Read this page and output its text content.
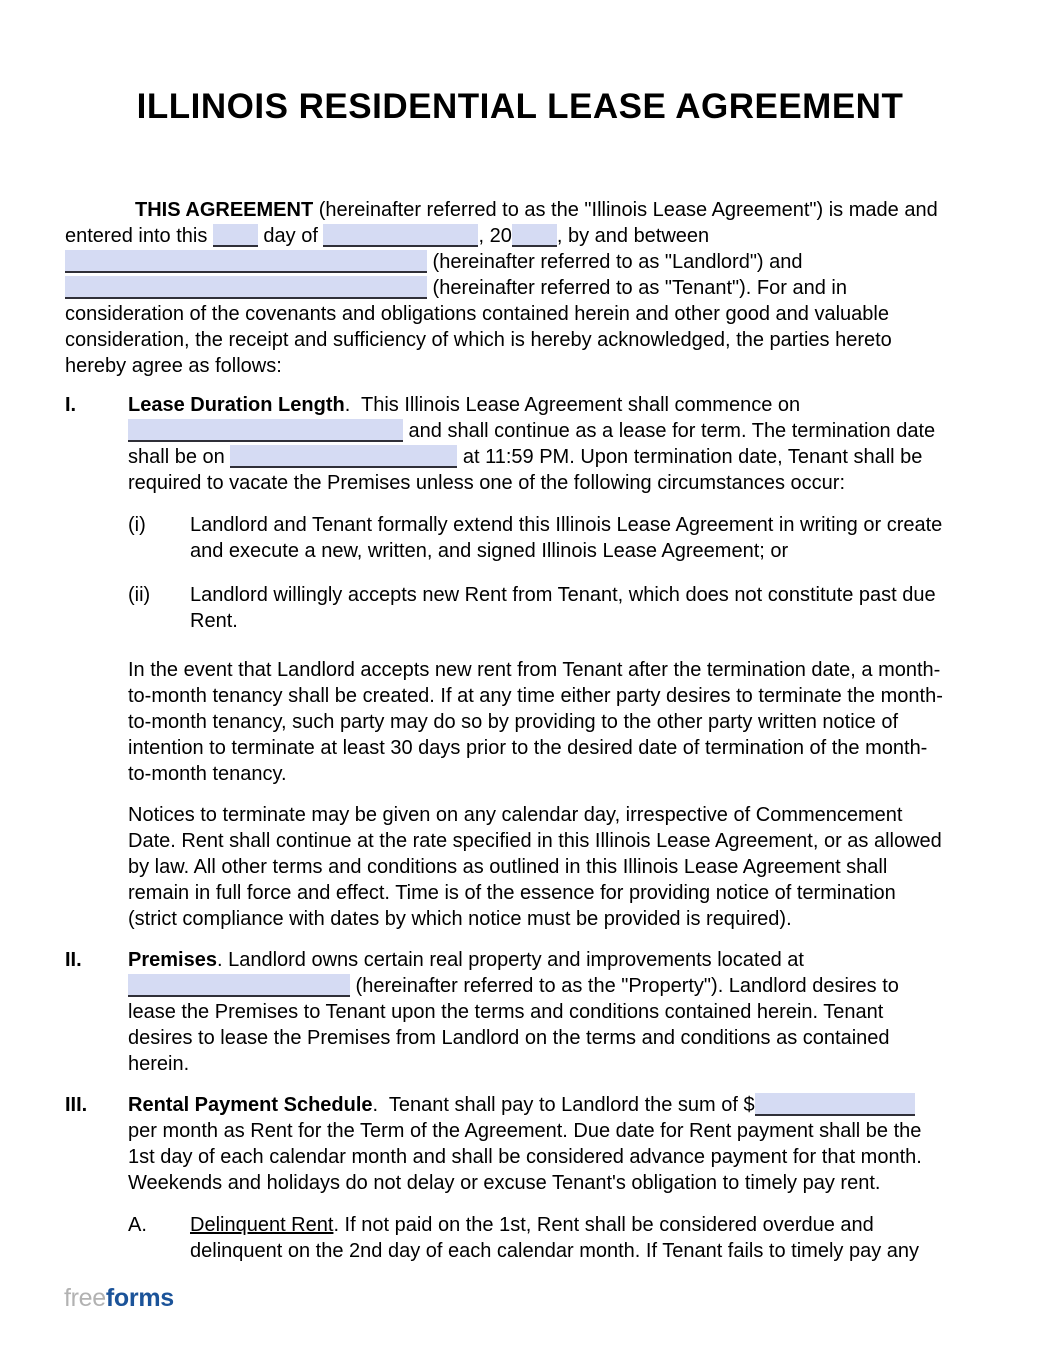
ILLINOIS RESIDENTIAL LEASE AGREEMENT
THIS AGREEMENT (hereinafter referred to as the "Illinois Lease Agreement") is made and
entered into this  day of	, 20 , by and between
(hereinafter referred to as "Landlord") and
(hereinafter referred to as "Tenant"). For and in
consideration of the covenants and obligations contained herein and other good and valuable
consideration, the receipt and sufficiency of which is hereby acknowledged, the parties hereto
hereby agree as follows:
I.	Lease Duration Length.  This Illinois Lease Agreement shall commence on
and shall continue as a lease for term. The termination date
shall be on	at 11:59 PM. Upon termination date, Tenant shall be
required to vacate the Premises unless one of the following circumstances occur:
(i) Landlord and Tenant formally extend this Illinois Lease Agreement in writing or create
and execute a new, written, and signed Illinois Lease Agreement; or
(ii) Landlord willingly accepts new Rent from Tenant, which does not constitute past due
Rent.
In the event that Landlord accepts new rent from Tenant after the termination date, a month-
to-month tenancy shall be created. If at any time either party desires to terminate the month-
to-month tenancy, such party may do so by providing to the other party written notice of
intention to terminate at least 30 days prior to the desired date of termination of the month-
to-month tenancy.
Notices to terminate may be given on any calendar day, irrespective of Commencement
Date. Rent shall continue at the rate specified in this Illinois Lease Agreement, or as allowed
by law. All other terms and conditions as outlined in this Illinois Lease Agreement shall
remain in full force and effect. Time is of the essence for providing notice of termination
(strict compliance with dates by which notice must be provided is required).
II. Premises. Landlord owns certain real property and improvements located at
(hereinafter referred to as the "Property"). Landlord desires to
lease the Premises to Tenant upon the terms and conditions contained herein. Tenant
desires to lease the Premises from Landlord on the terms and conditions as contained
herein.
III. Rental Payment Schedule.  Tenant shall pay to Landlord the sum of $
per month as Rent for the Term of the Agreement. Due date for Rent payment shall be the
1st day of each calendar month and shall be considered advance payment for that month.
Weekends and holidays do not delay or excuse Tenant's obligation to timely pay rent.
A. Delinquent Rent. If not paid on the 1st, Rent shall be considered overdue and
delinquent on the 2nd day of each calendar month. If Tenant fails to timely pay any
freeforms
